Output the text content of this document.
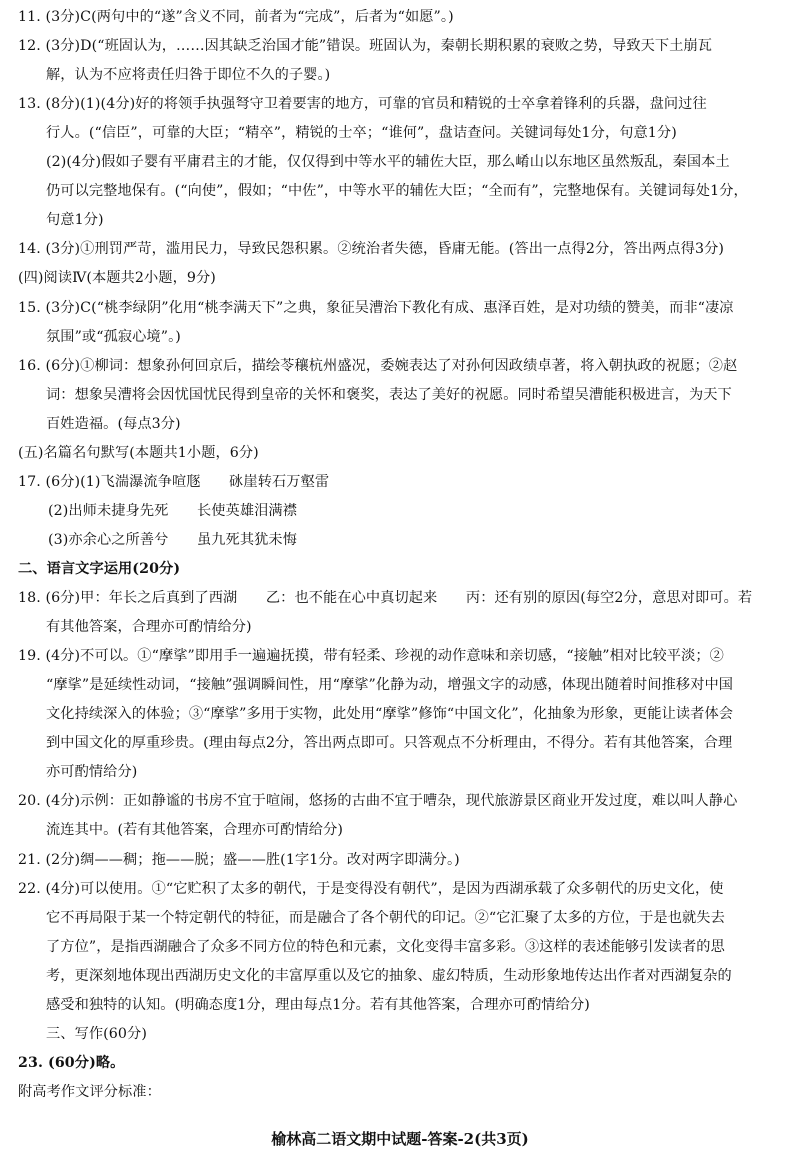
11. (3分)C(两句中的“遂”含义不同，前者为“完成”，后者为“如愿”。)
12. (3分)D(“班固认为，……因其缺乏治国才能”错误。班固认为，秦朝长期积累的衰败之势，导致天下土崩瓦
解，认为不应将责任归咎于即位不久的子婴。)
13. (8分)(1)(4分)好的将领手执强弩守卫着要害的地方，可靠的官员和精锐的士卒拿着锋利的兵器，盘问过往
行人。(“信臣”，可靠的大臣；“精卒”，精锐的士卒；“谁何”，盘诘查问。关键词每处1分，句意1分)
(2)(4分)假如子婴有平庸君主的才能，仅仅得到中等水平的辅佐大臣，那么崤山以东地区虽然叛乱，秦国本土
仍可以完整地保有。(“向使”，假如；“中佐”，中等水平的辅佐大臣；“全而有”，完整地保有。关键词每处1分，
句意1分)
14. (3分)①刑罚严苛，滥用民力，导致民怨积累。②统治者失德，昏庸无能。(答出一点得2分，答出两点得3分)
(四)阅读Ⅳ(本题共2小题，9分)
15. (3分)C(“桃李绿阴”化用“桃李满天下”之典，象征吴漕治下教化有成、惠泽百姓，是对功绩的赞美，而非“凄凉
氛围”或“孤寂心境”。)
16. (6分)①柳词：想象孙何回京后，描绘苓穰杭州盛况，委婉表达了对孙何因政绩卓著，将入朝执政的祝愿；②赵
词：想象吴漕将会因忧国忧民得到皇帝的关怀和褒奖，表达了美好的祝愿。同时希望吴漕能积极进言，为天下
百姓造福。(每点3分)
(五)名篇名句默写(本题共1小题，6分)
17. (6分)(1)飞湍瀑流争喧豗　　砯崖转石万壑雷
(2)出师未捷身先死　　长使英雄泪满襟
(3)亦余心之所善兮　　虽九死其犹未悔
二、语言文字运用(20分)
18. (6分)甲：年长之后真到了西湖　　乙：也不能在心中真切起来　　丙：还有别的原因(每空2分，意思对即可。若
有其他答案，合理亦可酌情给分)
19. (4分)不可以。①“摩挲”即用手一遍遍抚摸，带有轻柔、珍视的动作意味和亲切感，“接触”相对比较平淡；②
“摩挲”是延续性动词，“接触”强调瞬间性，用“摩挲”化静为动，增强文字的动感，体现出随着时间推移对中国
文化持续深入的体验；③“摩挲”多用于实物，此处用“摩挲”修饰“中国文化”，化抽象为形象，更能让读者体会
到中国文化的厚重珍贵。(理由每点2分，答出两点即可。只答观点不分析理由，不得分。若有其他答案，合理
亦可酌情给分)
20. (4分)示例：正如静谧的书房不宜于喧闹，悠扬的古曲不宜于嘈杂，现代旅游景区商业开发过度，难以叫人静心
流连其中。(若有其他答案，合理亦可酌情给分)
21. (2分)绸——稠；拖——脱；盛——胜(1字1分。改对两字即满分。)
22. (4分)可以使用。①“它贮积了太多的朝代，于是变得没有朝代”，是因为西湖承载了众多朝代的历史文化，使
它不再局限于某一个特定朝代的特征，而是融合了各个朝代的印记。②“它汇聚了太多的方位，于是也就失去
了方位”，是指西湖融合了众多不同方位的特色和元素，文化变得丰富多彩。③这样的表述能够引发读者的思
考，更深刻地体现出西湖历史文化的丰富厚重以及它的抽象、虚幻特质，生动形象地传达出作者对西湖复杂的
感受和独特的认知。(明确态度1分，理由每点1分。若有其他答案，合理亦可酌情给分)
三、写作(60分)
23. (60分)略。
附高考作文评分标准：
榆林高二语文期中试题-答案-2(共3页)
